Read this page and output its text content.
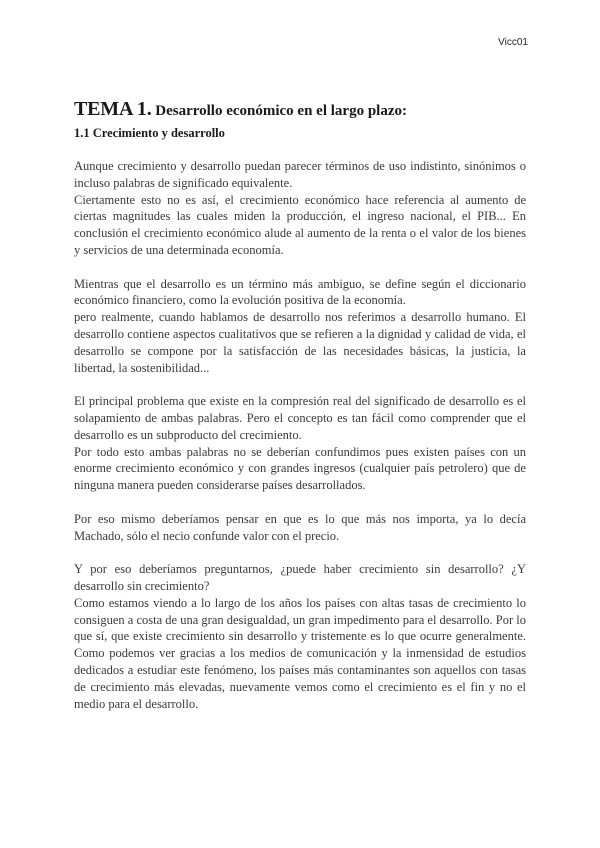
Vicc01
TEMA 1. Desarrollo económico en el largo plazo:
1.1 Crecimiento y desarrollo

Aunque crecimiento y desarrollo puedan parecer términos de uso indistinto, sinónimos o incluso palabras de significado equivalente.

Ciertamente esto no es así, el crecimiento económico hace referencia al aumento de ciertas magnitudes las cuales miden la producción, el ingreso nacional, el PIB... En conclusión el crecimiento económico alude al aumento de la renta o el valor de los bienes y servicios de una determinada economía.

Mientras que el desarrollo es un término más ambiguo, se define según el diccionario económico financiero, como la evolución positiva de la economía.

pero realmente, cuando hablamos de desarrollo nos referimos a desarrollo humano. El desarrollo contiene aspectos cualitativos que se refieren a la dignidad y calidad de vida, el desarrollo se compone por la satisfacción de las necesidades básicas, la justicia, la libertad, la sostenibilidad...

El principal problema que existe en la compresión real del significado de desarrollo es el solapamiento de ambas palabras. Pero el concepto es tan fácil como comprender que el desarrollo es un subproducto del crecimiento.

Por todo esto ambas palabras no se deberían confundimos pues existen países con un enorme crecimiento económico y con grandes ingresos (cualquier país petrolero) que de ninguna manera pueden considerarse países desarrollados.

Por eso mismo deberíamos pensar en que es lo que más nos importa, ya lo decía Machado, sólo el necio confunde valor con el precio.

Y por eso deberíamos preguntarnos, ¿puede haber crecimiento sin desarrollo? ¿Y desarrollo sin crecimiento?

Como estamos viendo a lo largo de los años los países con altas tasas de crecimiento lo consiguen a costa de una gran desigualdad, un gran impedimento para el desarrollo. Por lo que sí, que existe crecimiento sin desarrollo y tristemente es lo que ocurre generalmente. Como podemos ver gracias a los medios de comunicación y la inmensidad de estudios dedicados a estudiar este fenómeno, los países más contaminantes son aquellos con tasas de crecimiento más elevadas, nuevamente vemos como el crecimiento es el fin y no el medio para el desarrollo.
